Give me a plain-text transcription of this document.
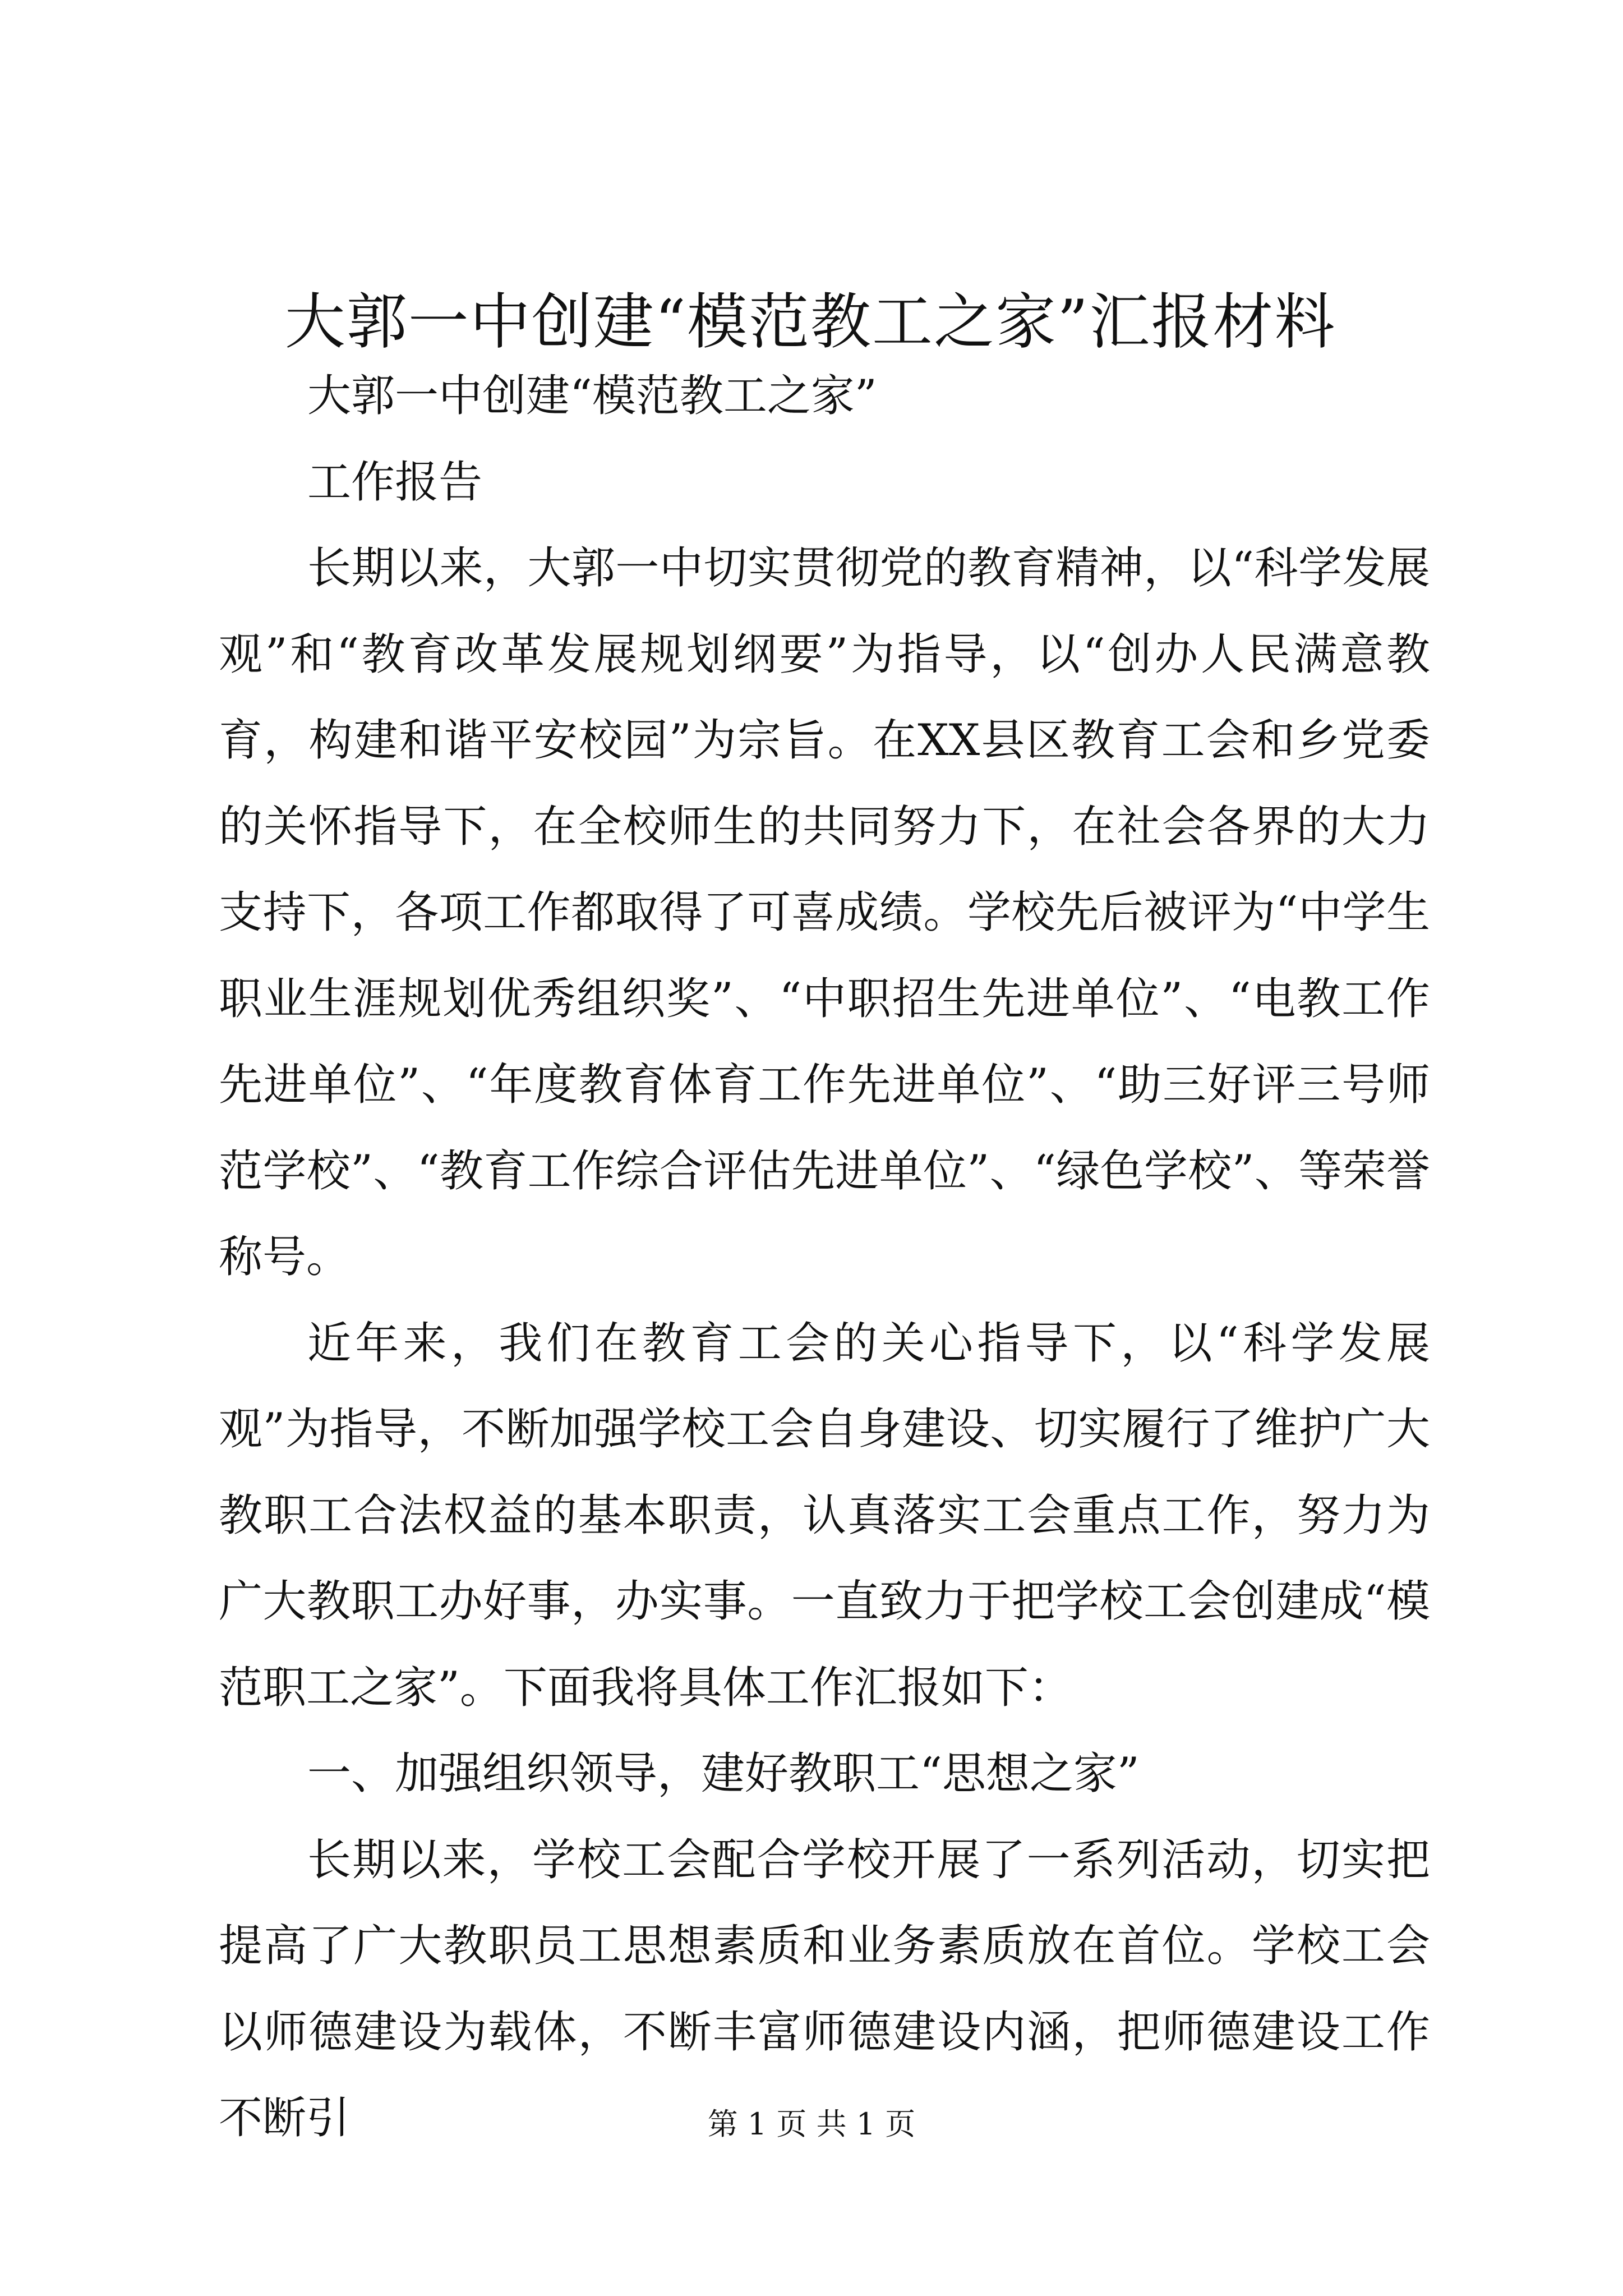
大郭一中创建“模范教工之家”汇报材料

大郭一中创建“模范教工之家”

工作报告

长期以来，大郭一中切实贯彻党的教育精神，以“科学发展观”和“教育改革发展规划纲要”为指导，以“创办人民满意教育，构建和谐平安校园”为宗旨。在XX县区教育工会和乡党委的关怀指导下，在全校师生的共同努力下，在社会各界的大力支持下，各项工作都取得了可喜成绩。学校先后被评为“中学生职业生涯规划优秀组织奖”、“中职招生先进单位”、“电教工作先进单位”、“年度教育体育工作先进单位”、“助三好评三号师范学校”、“教育工作综合评估先进单位”、“绿色学校”、等荣誉称号。

近年来，我们在教育工会的关心指导下，以“科学发展观”为指导，不断加强学校工会自身建设、切实履行了维护广大教职工合法权益的基本职责，认真落实工会重点工作，努力为广大教职工办好事，办实事。一直致力于把学校工会创建成“模范职工之家”。下面我将具体工作汇报如下：

一、加强组织领导，建好教职工“思想之家”

长期以来，学校工会配合学校开展了一系列活动，切实把提高了广大教职员工思想素质和业务素质放在首位。学校工会以师德建设为载体，不断丰富师德建设内涵，把师德建设工作不断引	第 1 页 共 1 页
